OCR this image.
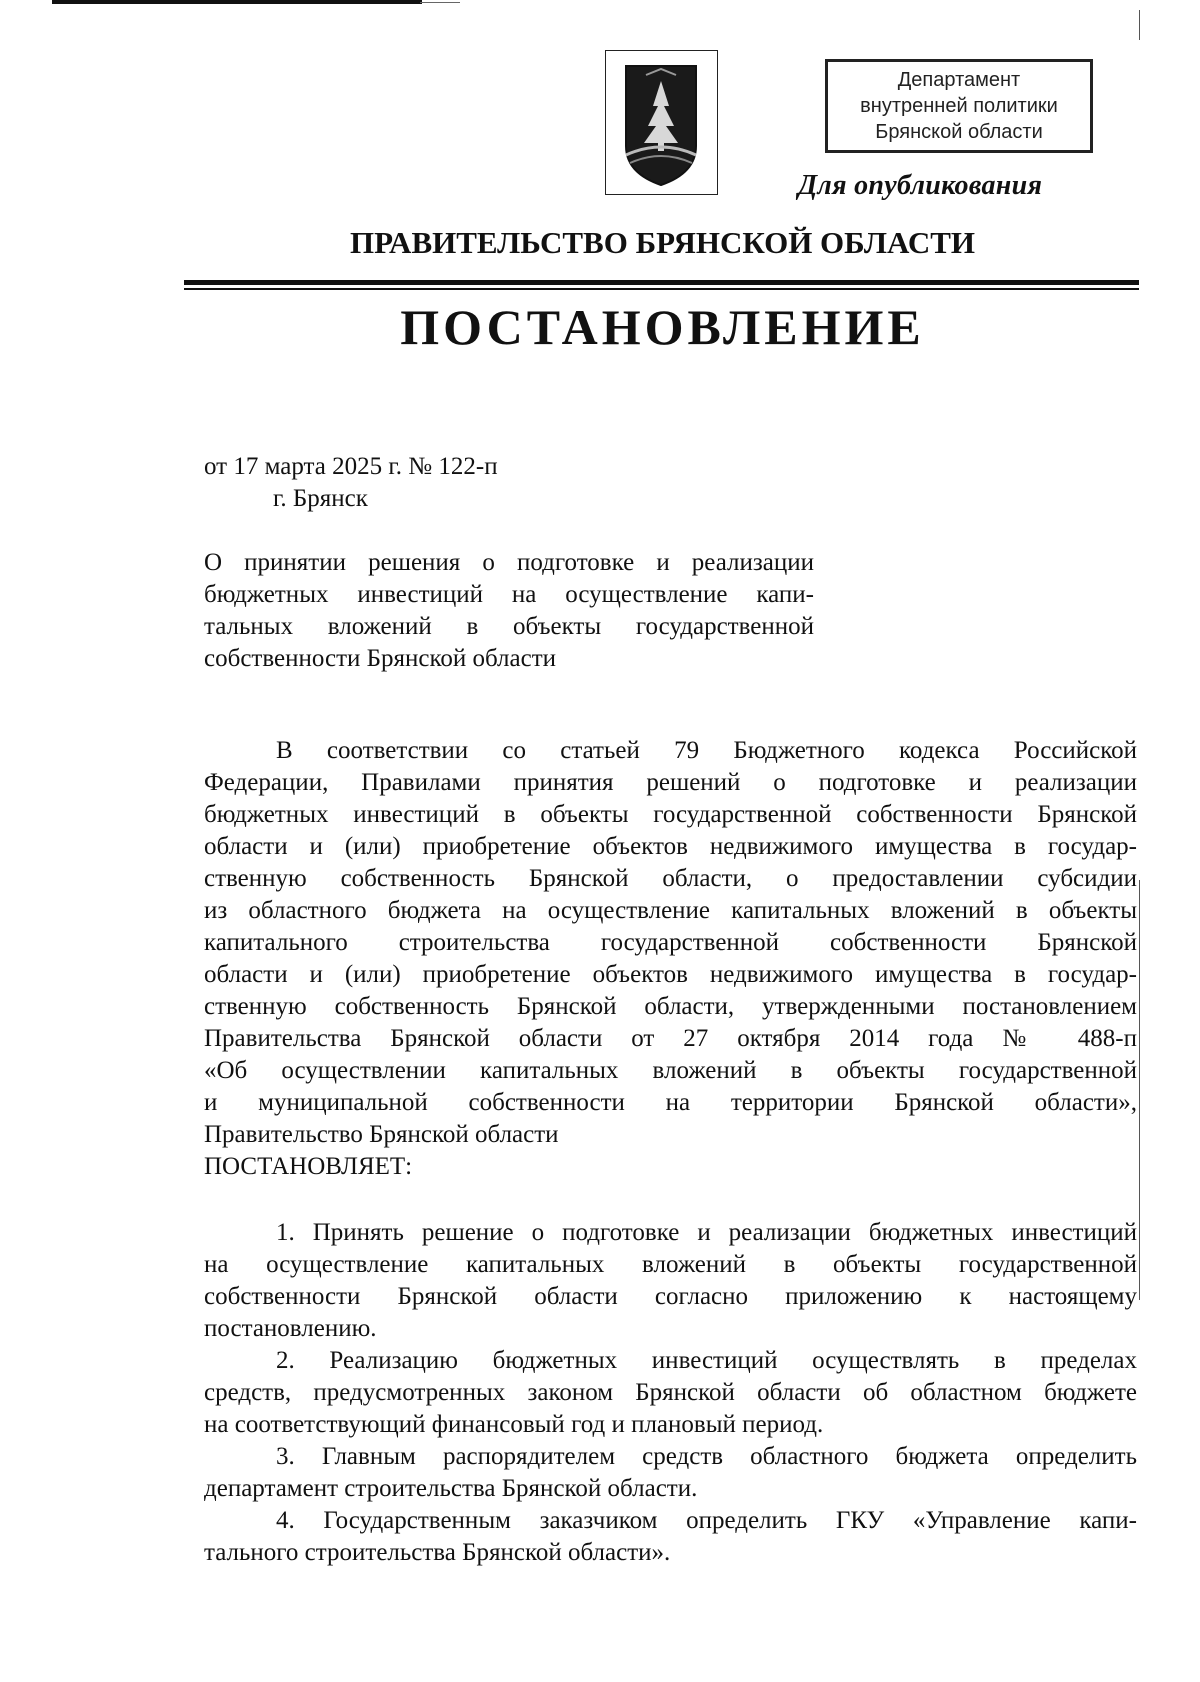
Департамент
внутренней политики
Брянской области
Для опубликования
ПРАВИТЕЛЬСТВО БРЯНСКОЙ ОБЛАСТИ
ПОСТАНОВЛЕНИЕ
от 17 марта 2025 г. № 122-п
г. Брянск
О принятии решения о подготовке и реализации
бюджетных инвестиций на осуществление капи-
тальных вложений в объекты государственной
собственности Брянской области
В соответствии со статьей 79 Бюджетного кодекса Российской
Федерации, Правилами принятия решений о подготовке и реализации
бюджетных инвестиций в объекты государственной собственности Брянской
области и (или) приобретение объектов недвижимого имущества в государ-
ственную собственность Брянской области, о предоставлении субсидии
из областного бюджета на осуществление капитальных вложений в объекты
капитального строительства государственной собственности Брянской
области и (или) приобретение объектов недвижимого имущества в государ-
ственную собственность Брянской области, утвержденными постановлением
Правительства Брянской области от 27 октября 2014 года № 488-п
«Об осуществлении капитальных вложений в объекты государственной
и муниципальной собственности на территории Брянской области»,
Правительство Брянской области
ПОСТАНОВЛЯЕТ:
1. Принять решение о подготовке и реализации бюджетных инвестиций
на осуществление капитальных вложений в объекты государственной
собственности Брянской области согласно приложению к настоящему
постановлению.
2. Реализацию бюджетных инвестиций осуществлять в пределах
средств, предусмотренных законом Брянской области об областном бюджете
на соответствующий финансовый год и плановый период.
3. Главным распорядителем средств областного бюджета определить
департамент строительства Брянской области.
4. Государственным заказчиком определить ГКУ «Управление капи-
тального строительства Брянской области».
